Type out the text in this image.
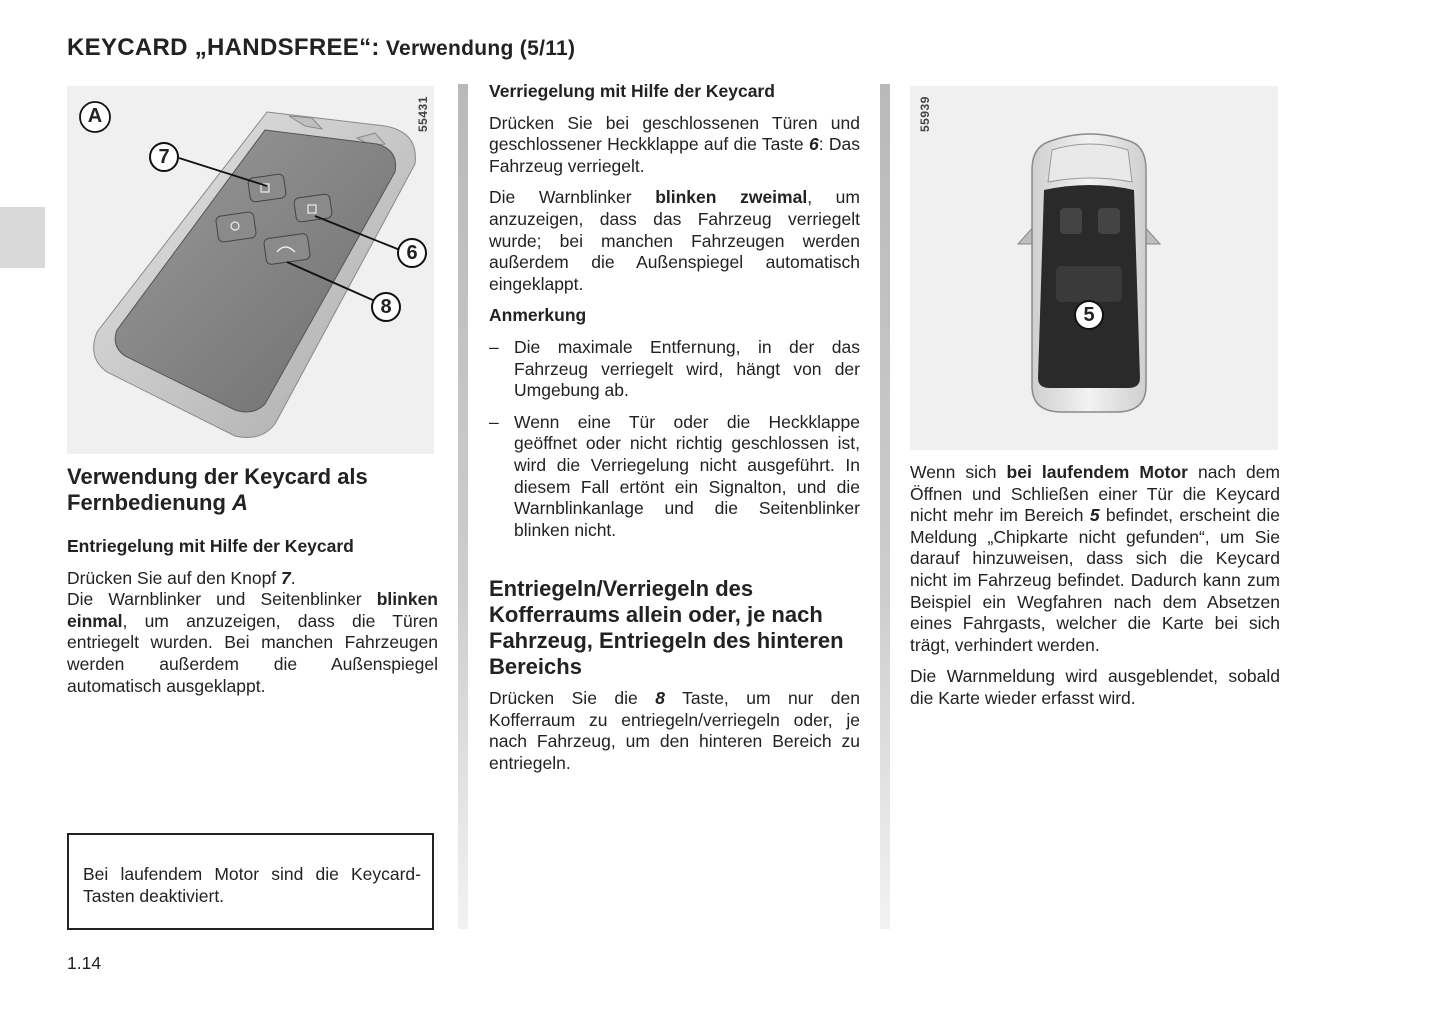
KEYCARD „HANDSFREE“: Verwendung (5/11)
A
7
6
8
55431
Verwendung der Keycard als
Fernbedienung A

Entriegelung mit Hilfe der Keycard

Drücken Sie auf den Knopf 7.

Die Warnblinker und Seitenblinker blinken einmal, um anzuzeigen, dass die Türen entriegelt wurden. Bei manchen Fahrzeugen werden außerdem die Außenspiegel automatisch ausgeklappt.

Bei laufendem Motor sind die Keycard-Tasten deaktiviert.

1.14

Verriegelung mit Hilfe der Keycard

Drücken Sie bei geschlossenen Türen und geschlossener Heckklappe auf die Taste 6: Das Fahrzeug verriegelt.

Die Warnblinker blinken zweimal, um anzuzeigen, dass das Fahrzeug verriegelt wurde; bei manchen Fahrzeugen werden außerdem die Außenspiegel automatisch eingeklappt.

Anmerkung

– Die maximale Entfernung, in der das Fahrzeug verriegelt wird, hängt von der Umgebung ab.
– Wenn eine Tür oder die Heckklappe geöffnet oder nicht richtig geschlossen ist, wird die Verriegelung nicht ausgeführt. In diesem Fall ertönt ein Signalton, und die Warnblinkanlage und die Seitenblinker blinken nicht.
Entriegeln/Verriegeln des Kofferraums allein oder, je nach Fahrzeug, Entriegeln des hinteren Bereichs

Drücken Sie die 8 Taste, um nur den Kofferraum zu entriegeln/verriegeln oder, je nach Fahrzeug, um den hinteren Bereich zu entriegeln.

5
55939

Wenn sich bei laufendem Motor nach dem Öffnen und Schließen einer Tür die Keycard nicht mehr im Bereich 5 befindet, erscheint die Meldung „Chipkarte nicht gefunden“, um Sie darauf hinzuweisen, dass sich die Keycard nicht im Fahrzeug befindet. Dadurch kann zum Beispiel ein Wegfahren nach dem Absetzen eines Fahrgasts, welcher die Karte bei sich trägt, verhindert werden.

Die Warnmeldung wird ausgeblendet, sobald die Karte wieder erfasst wird.
